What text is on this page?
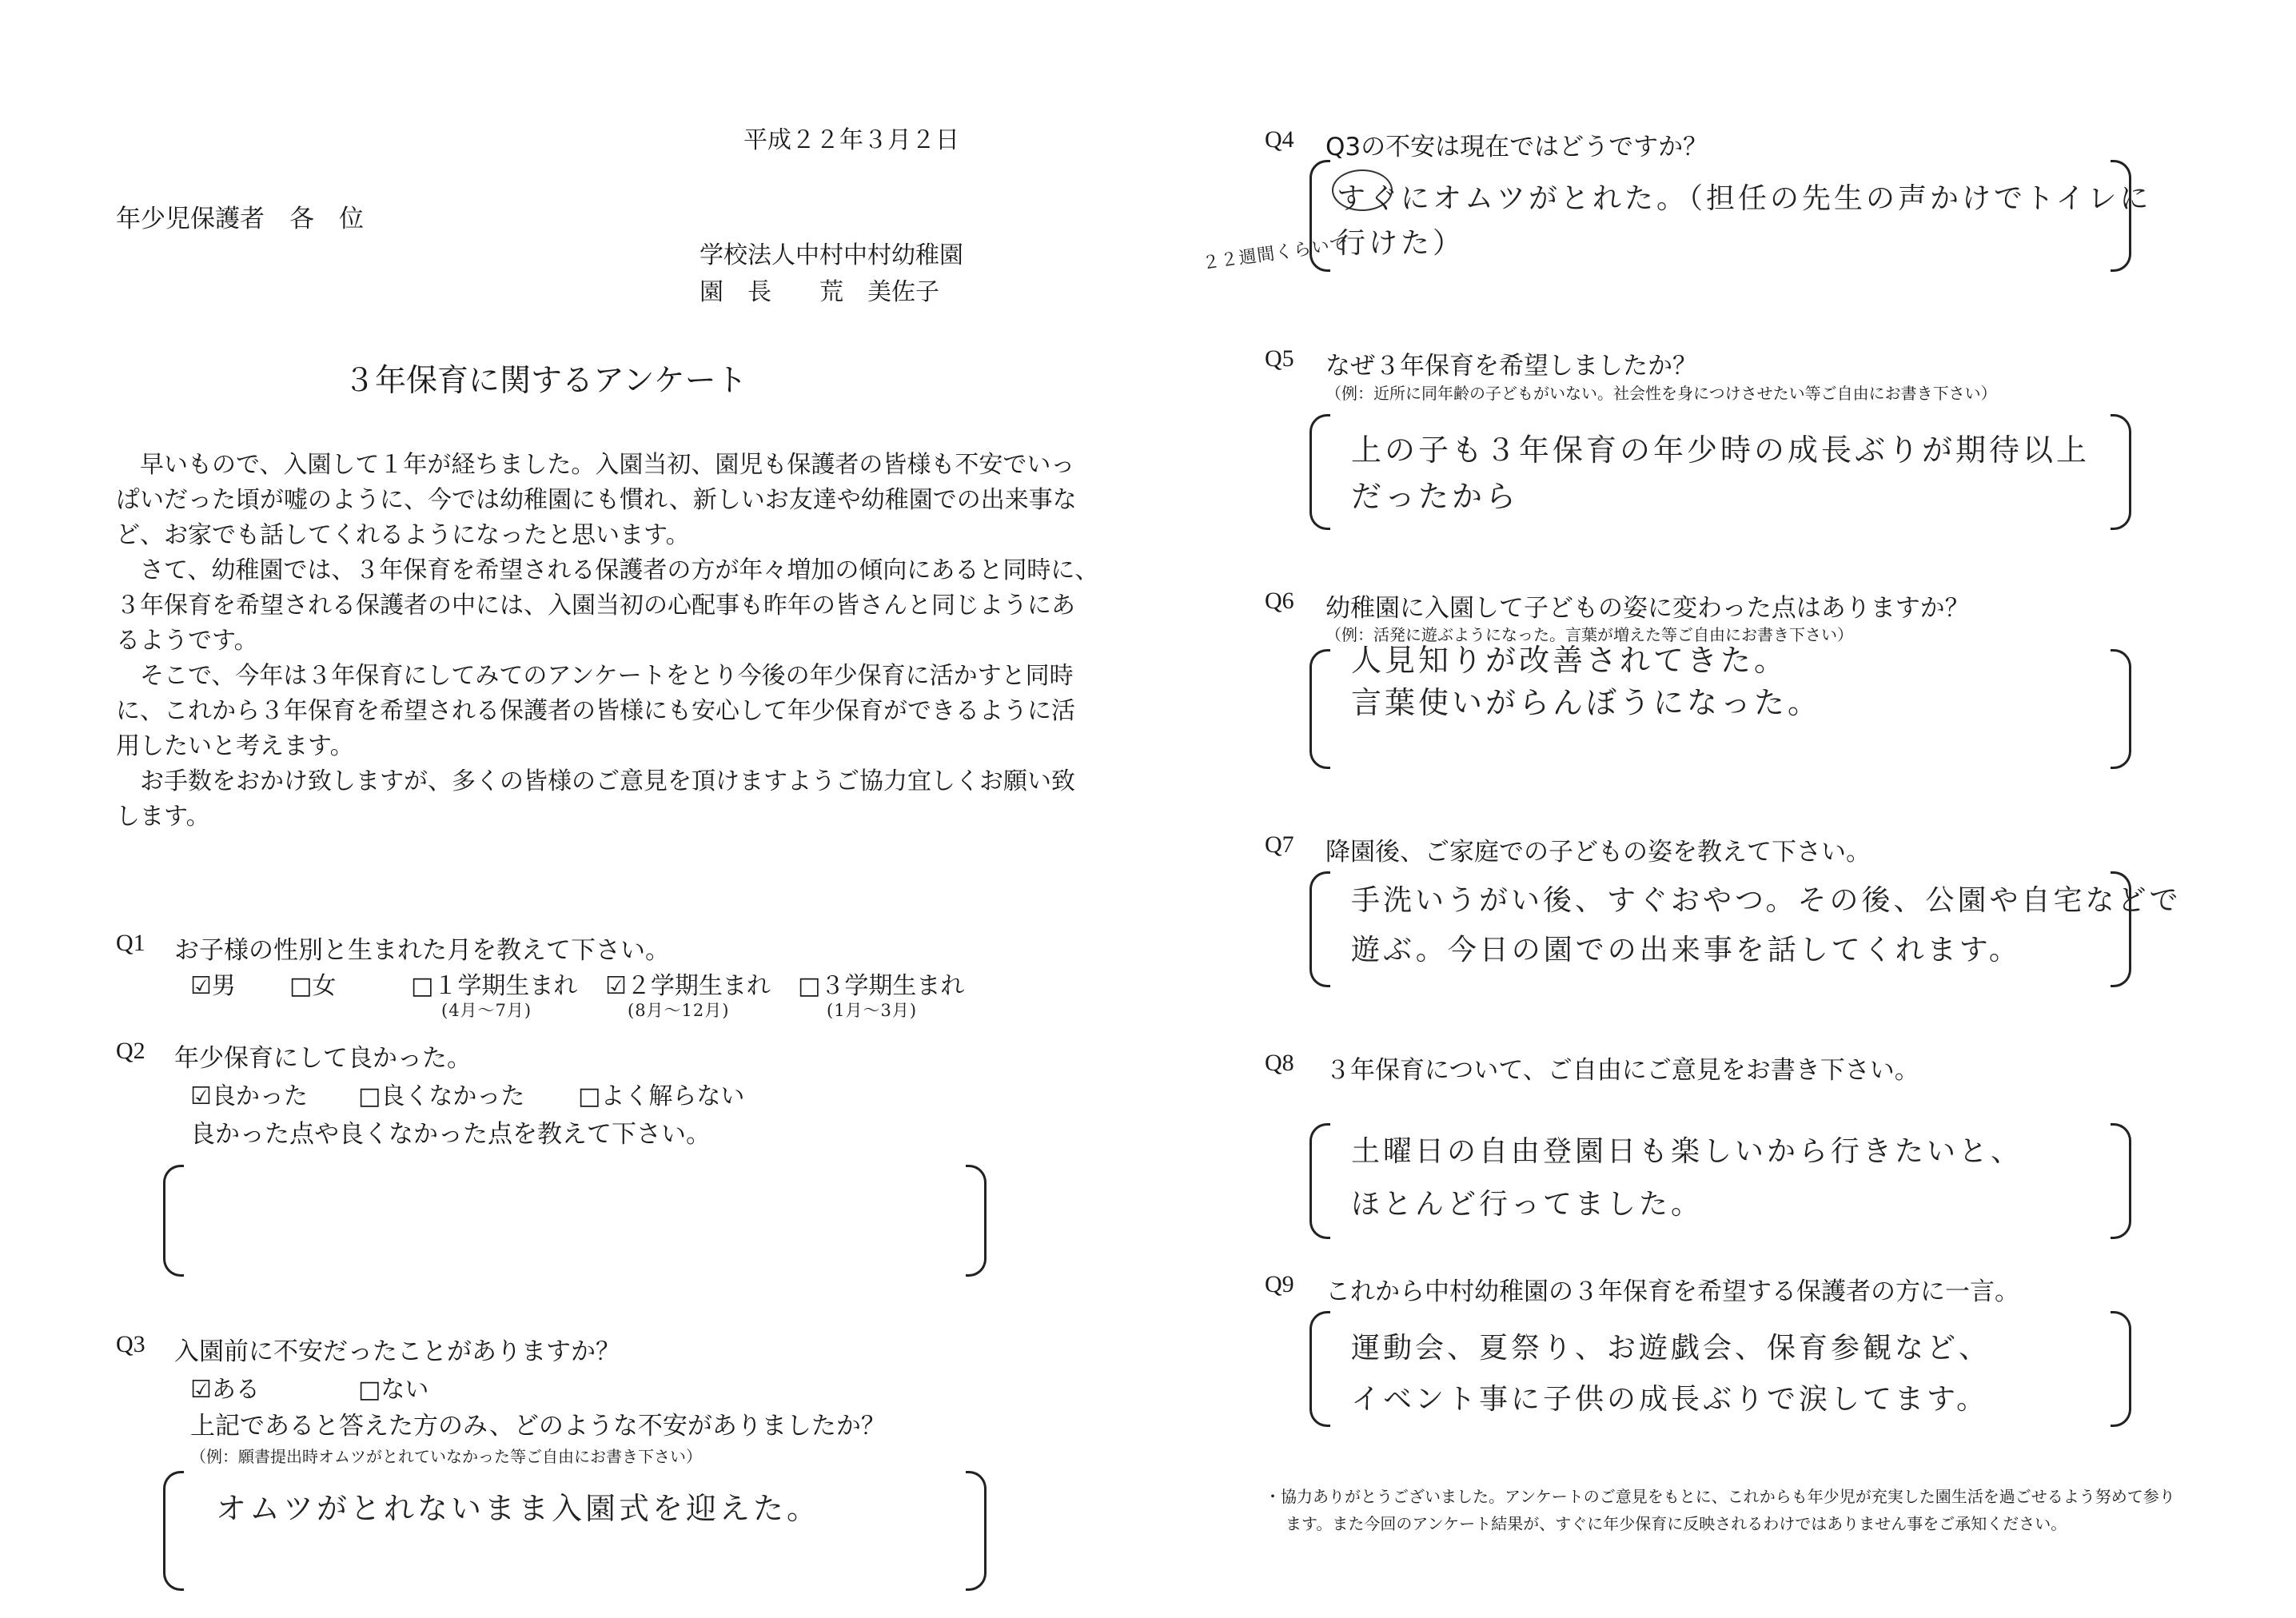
平成２２年３月２日
年少児保護者　各　位
学校法人中村中村幼稚園
園　長　　荒　美佐子
３年保育に関するアンケート
　早いもので、入園して１年が経ちました。入園当初、園児も保護者の皆様も不安でいっ
ぱいだった頃が嘘のように、今では幼稚園にも慣れ、新しいお友達や幼稚園での出来事な
ど、お家でも話してくれるようになったと思います。
　さて、幼稚園では、３年保育を希望される保護者の方が年々増加の傾向にあると同時に、
３年保育を希望される保護者の中には、入園当初の心配事も昨年の皆さんと同じようにあ
るようです。
　そこで、今年は３年保育にしてみてのアンケートをとり今後の年少保育に活かすと同時
に、これから３年保育を希望される保護者の皆様にも安心して年少保育ができるように活
用したいと考えます。
　お手数をおかけ致しますが、多くの皆様のご意見を頂けますようご協力宜しくお願い致
します。
Q1 お子様の性別と生まれた月を教えて下さい。
☑男 □女	□１学期生まれ ☑２学期生まれ □３学期生まれ
(4月〜7月)	(8月〜12月)	(1月〜3月)
Q2 年少保育にして良かった。
☑良かった □良くなかった □よく解らない
良かった点や良くなかった点を教えて下さい。
Q3 入園前に不安だったことがありますか？
☑ある	□ない
上記であると答えた方のみ、どのような不安がありましたか？
（例：願書提出時オムツがとれていなかった等ご自由にお書き下さい）
オムツがとれないまま入園式を迎えた。
Q4 Q3の不安は現在ではどうですか？
２２週間くらいで
すぐにオムツがとれた。（担任の先生の声かけでトイレに
行けた）
Q5 なぜ３年保育を希望しましたか？
（例：近所に同年齢の子どもがいない。社会性を身につけさせたい等ご自由にお書き下さい）
上の子も３年保育の年少時の成長ぶりが期待以上
だったから
Q6 幼稚園に入園して子どもの姿に変わった点はありますか？
（例：活発に遊ぶようになった。言葉が増えた等ご自由にお書き下さい）
人見知りが改善されてきた。
言葉使いがらんぼうになった。
Q7 降園後、ご家庭での子どもの姿を教えて下さい。
手洗いうがい後、すぐおやつ。その後、公園や自宅などで
遊ぶ。今日の園での出来事を話してくれます。
Q8 ３年保育について、ご自由にご意見をお書き下さい。
土曜日の自由登園日も楽しいから行きたいと、
ほとんど行ってました。
Q9 これから中村幼稚園の３年保育を希望する保護者の方に一言。
運動会、夏祭り、お遊戯会、保育参観など、
イベント事に子供の成長ぶりで涙してます。
・協力ありがとうございました。アンケートのご意見をもとに、これからも年少児が充実した園生活を過ごせるよう努めて参り
ます。また今回のアンケート結果が、すぐに年少保育に反映されるわけではありません事をご承知ください。
